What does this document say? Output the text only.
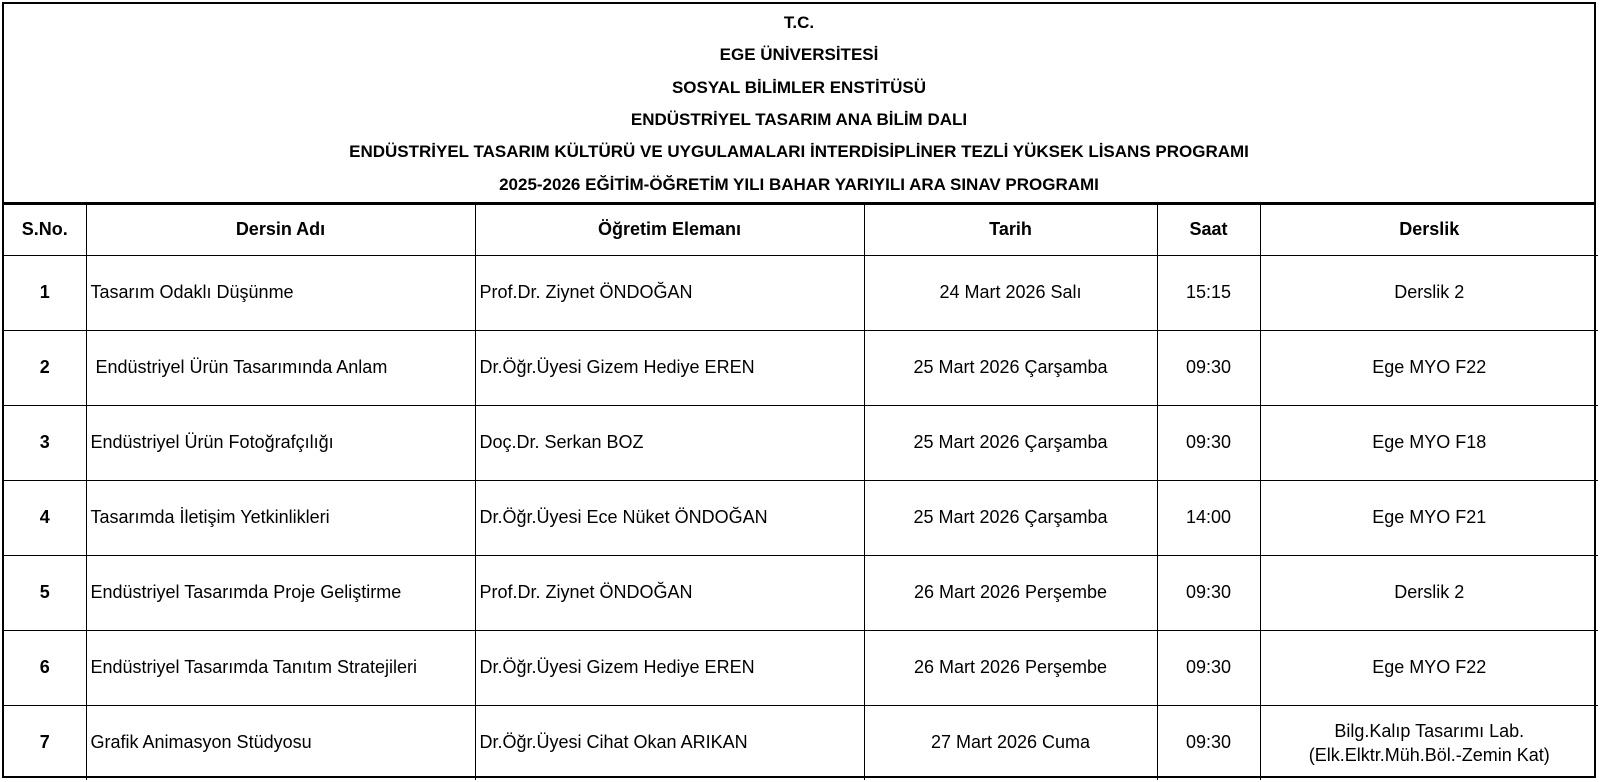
T.C.
EGE ÜNİVERSİTESİ
SOSYAL BİLİMLER ENSTİTÜSÜ
ENDÜSTRİYEL TASARIM ANA BİLİM DALI
ENDÜSTRİYEL TASARIM KÜLTÜRÜ VE UYGULAMALARI İNTERDİSİPLİNER TEZLİ YÜKSEK LİSANS PROGRAMI
2025-2026 EĞİTİM-ÖĞRETİM YILI BAHAR YARIYILI ARA SINAV PROGRAMI
S.No.	Dersin Adı	Öğretim Elemanı	Tarih	Saat	Derslik
1	Tasarım Odaklı Düşünme	Prof.Dr. Ziynet ÖNDOĞAN	24 Mart 2026 Salı	15:15	Derslik 2
2	Endüstriyel Ürün Tasarımında Anlam	Dr.Öğr.Üyesi Gizem Hediye EREN	25 Mart 2026 Çarşamba	09:30	Ege MYO F22
3	Endüstriyel Ürün Fotoğrafçılığı	Doç.Dr. Serkan BOZ	25 Mart 2026 Çarşamba	09:30	Ege MYO F18
4	Tasarımda İletişim Yetkinlikleri	Dr.Öğr.Üyesi Ece Nüket ÖNDOĞAN	25 Mart 2026 Çarşamba	14:00	Ege MYO F21
5	Endüstriyel Tasarımda Proje Geliştirme	Prof.Dr. Ziynet ÖNDOĞAN	26 Mart 2026 Perşembe	09:30	Derslik 2
6	Endüstriyel Tasarımda Tanıtım Stratejileri	Dr.Öğr.Üyesi Gizem Hediye EREN	26 Mart 2026 Perşembe	09:30	Ege MYO F22
7	Grafik Animasyon Stüdyosu	Dr.Öğr.Üyesi Cihat Okan ARIKAN	27 Mart 2026 Cuma	09:30	Bilg.Kalıp Tasarımı Lab.
(Elk.Elktr.Müh.Böl.-Zemin Kat)
